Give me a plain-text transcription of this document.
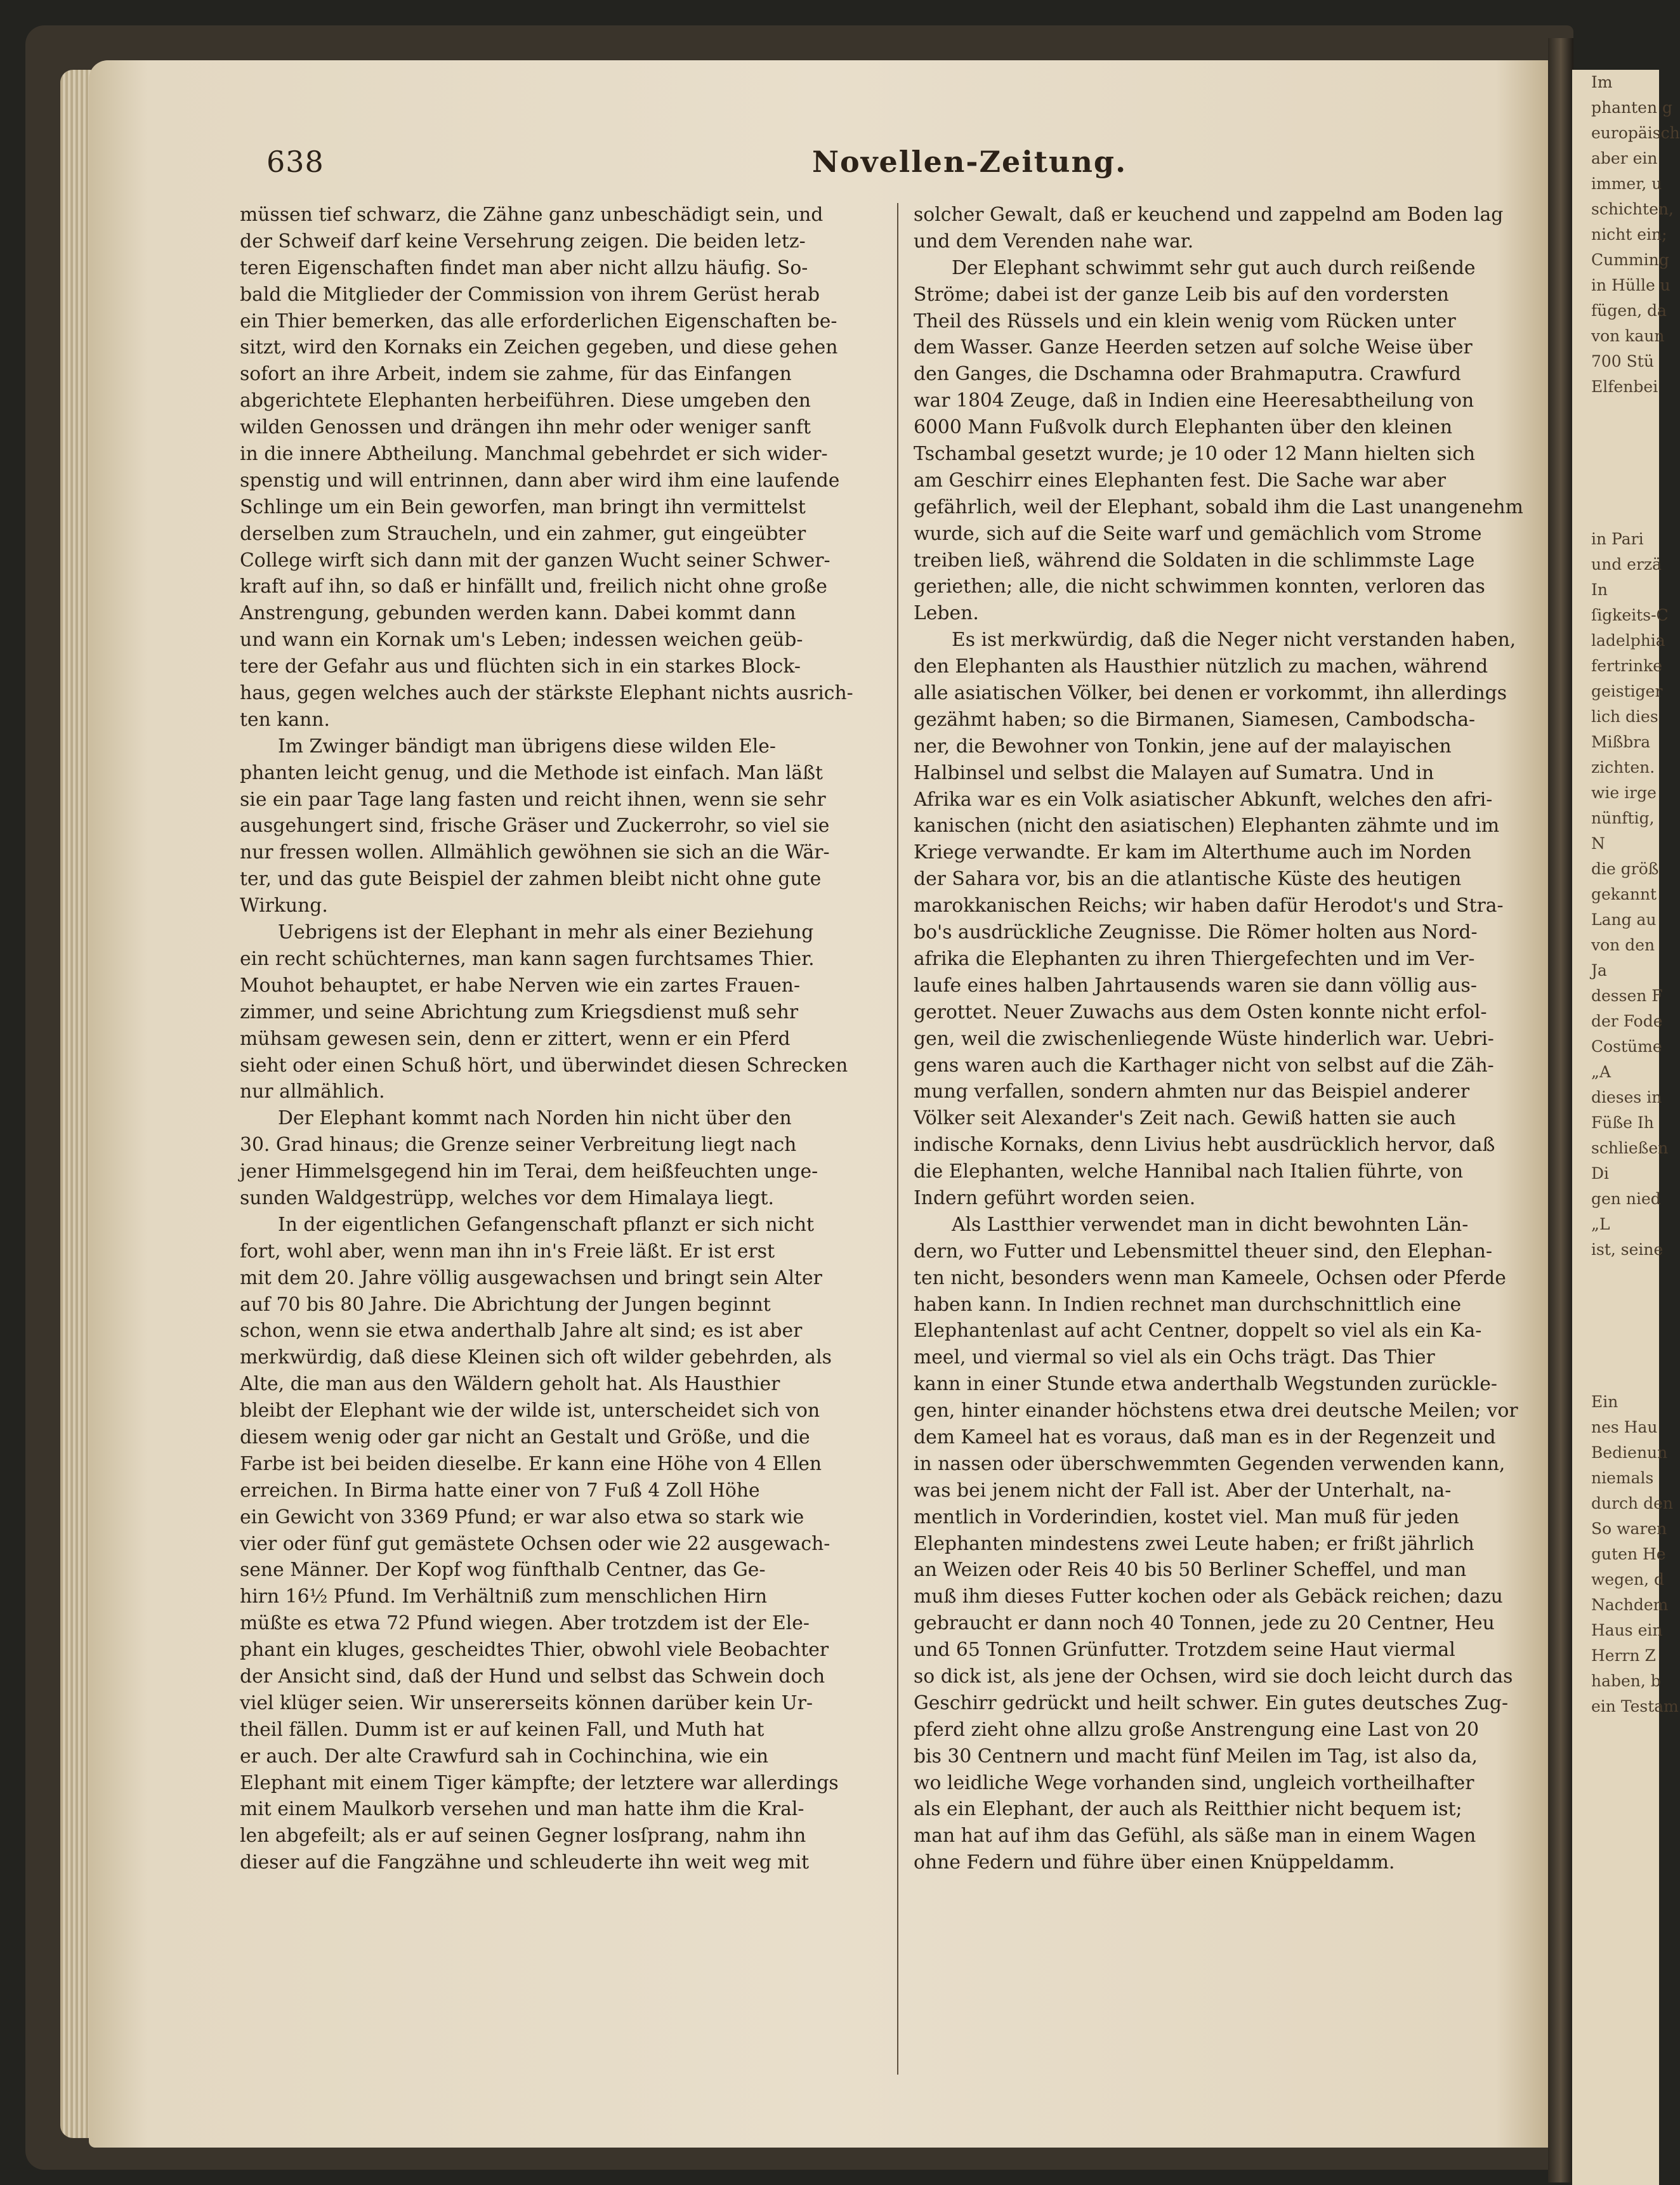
Im
phanten g
europäisch
aber ein
immer, u
schichten,
nicht ein;
Cumming
in Hülle u
fügen, da
von kaun
700 Stü
Elfenbei
in Pari
und erzä
In
ſigkeits-C
ladelphia
fertrinke
geistiger
lich dies
Mißbra
zichten.
wie irge
nünftig,
N
die größ
gekannt
Lang au
von den
Ja
dessen F
der Fode
Costüme
„A
dieses in
Füße Ih
schließen
Di
gen nied
„L
ist, seine
Ein
nes Hau
Bedienun
niemals
durch den
So waren
guten He
wegen, d
Nachdem
Haus ein
Herrn Z
haben, b
ein Testam
638	Novellen-Zeitung.
müssen tief schwarz, die Zähne ganz unbeschädigt sein, und
der Schweif darf keine Versehrung zeigen. Die beiden letz-
teren Eigenschaften findet man aber nicht allzu häufig. So-
bald die Mitglieder der Commission von ihrem Gerüst herab
ein Thier bemerken, das alle erforderlichen Eigenschaften be-
sitzt, wird den Kornaks ein Zeichen gegeben, und diese gehen
sofort an ihre Arbeit, indem sie zahme, für das Einfangen
abgerichtete Elephanten herbeiführen. Diese umgeben den
wilden Genossen und drängen ihn mehr oder weniger sanft
in die innere Abtheilung. Manchmal gebehrdet er sich wider-
spenstig und will entrinnen, dann aber wird ihm eine laufende
Schlinge um ein Bein geworfen, man bringt ihn vermittelst
derselben zum Straucheln, und ein zahmer, gut eingeübter
College wirft sich dann mit der ganzen Wucht seiner Schwer-
kraft auf ihn, so daß er hinfällt und, freilich nicht ohne große
Anstrengung, gebunden werden kann. Dabei kommt dann
und wann ein Kornak um's Leben; indessen weichen geüb-
tere der Gefahr aus und flüchten sich in ein starkes Block-
haus, gegen welches auch der stärkste Elephant nichts ausrich-
ten kann.
Im Zwinger bändigt man übrigens diese wilden Ele-
phanten leicht genug, und die Methode ist einfach. Man läßt
sie ein paar Tage lang fasten und reicht ihnen, wenn sie sehr
ausgehungert sind, frische Gräser und Zuckerrohr, so viel sie
nur fressen wollen. Allmählich gewöhnen sie sich an die Wär-
ter, und das gute Beispiel der zahmen bleibt nicht ohne gute
Wirkung.
Uebrigens ist der Elephant in mehr als einer Beziehung
ein recht schüchternes, man kann sagen furchtsames Thier.
Mouhot behauptet, er habe Nerven wie ein zartes Frauen-
zimmer, und seine Abrichtung zum Kriegsdienst muß sehr
mühsam gewesen sein, denn er zittert, wenn er ein Pferd
sieht oder einen Schuß hört, und überwindet diesen Schrecken
nur allmählich.
Der Elephant kommt nach Norden hin nicht über den
30. Grad hinaus; die Grenze seiner Verbreitung liegt nach
jener Himmelsgegend hin im Terai, dem heißfeuchten unge-
sunden Waldgestrüpp, welches vor dem Himalaya liegt.
In der eigentlichen Gefangenschaft pflanzt er sich nicht
fort, wohl aber, wenn man ihn in's Freie läßt. Er ist erst
mit dem 20. Jahre völlig ausgewachsen und bringt sein Alter
auf 70 bis 80 Jahre. Die Abrichtung der Jungen beginnt
schon, wenn sie etwa anderthalb Jahre alt sind; es ist aber
merkwürdig, daß diese Kleinen sich oft wilder gebehrden, als
Alte, die man aus den Wäldern geholt hat. Als Hausthier
bleibt der Elephant wie der wilde ist, unterscheidet sich von
diesem wenig oder gar nicht an Gestalt und Größe, und die
Farbe ist bei beiden dieselbe. Er kann eine Höhe von 4 Ellen
erreichen. In Birma hatte einer von 7 Fuß 4 Zoll Höhe
ein Gewicht von 3369 Pfund; er war also etwa so stark wie
vier oder fünf gut gemästete Ochsen oder wie 22 ausgewach-
sene Männer. Der Kopf wog fünfthalb Centner, das Ge-
hirn 16½ Pfund. Im Verhältniß zum menschlichen Hirn
müßte es etwa 72 Pfund wiegen. Aber trotzdem ist der Ele-
phant ein kluges, gescheidtes Thier, obwohl viele Beobachter
der Ansicht sind, daß der Hund und selbst das Schwein doch
viel klüger seien. Wir unsererseits können darüber kein Ur-
theil fällen. Dumm ist er auf keinen Fall, und Muth hat
er auch. Der alte Crawfurd sah in Cochinchina, wie ein
Elephant mit einem Tiger kämpfte; der letztere war allerdings
mit einem Maulkorb versehen und man hatte ihm die Kral-
len abgefeilt; als er auf seinen Gegner losſprang, nahm ihn
dieser auf die Fangzähne und schleuderte ihn weit weg mit
solcher Gewalt, daß er keuchend und zappelnd am Boden lag
und dem Verenden nahe war.
Der Elephant schwimmt sehr gut auch durch reißende
Ströme; dabei ist der ganze Leib bis auf den vordersten
Theil des Rüssels und ein klein wenig vom Rücken unter
dem Wasser. Ganze Heerden setzen auf solche Weise über
den Ganges, die Dschamna oder Brahmaputra. Crawfurd
war 1804 Zeuge, daß in Indien eine Heeresabtheilung von
6000 Mann Fußvolk durch Elephanten über den kleinen
Tschambal gesetzt wurde; je 10 oder 12 Mann hielten sich
am Geschirr eines Elephanten fest. Die Sache war aber
gefährlich, weil der Elephant, sobald ihm die Last unangenehm
wurde, sich auf die Seite warf und gemächlich vom Strome
treiben ließ, während die Soldaten in die schlimmste Lage
geriethen; alle, die nicht schwimmen konnten, verloren das
Leben.
Es ist merkwürdig, daß die Neger nicht verstanden haben,
den Elephanten als Hausthier nützlich zu machen, während
alle asiatischen Völker, bei denen er vorkommt, ihn allerdings
gezähmt haben; so die Birmanen, Siamesen, Cambodscha-
ner, die Bewohner von Tonkin, jene auf der malayischen
Halbinsel und selbst die Malayen auf Sumatra. Und in
Afrika war es ein Volk asiatischer Abkunft, welches den afri-
kanischen (nicht den asiatischen) Elephanten zähmte und im
Kriege verwandte. Er kam im Alterthume auch im Norden
der Sahara vor, bis an die atlantische Küste des heutigen
marokkanischen Reichs; wir haben dafür Herodot's und Stra-
bo's ausdrückliche Zeugnisse. Die Römer holten aus Nord-
afrika die Elephanten zu ihren Thiergefechten und im Ver-
laufe eines halben Jahrtausends waren sie dann völlig aus-
gerottet. Neuer Zuwachs aus dem Osten konnte nicht erfol-
gen, weil die zwischenliegende Wüste hinderlich war. Uebri-
gens waren auch die Karthager nicht von selbst auf die Zäh-
mung verfallen, sondern ahmten nur das Beispiel anderer
Völker seit Alexander's Zeit nach. Gewiß hatten sie auch
indische Kornaks, denn Livius hebt ausdrücklich hervor, daß
die Elephanten, welche Hannibal nach Italien führte, von
Indern geführt worden seien.
Als Lastthier verwendet man in dicht bewohnten Län-
dern, wo Futter und Lebensmittel theuer sind, den Elephan-
ten nicht, besonders wenn man Kameele, Ochsen oder Pferde
haben kann. In Indien rechnet man durchschnittlich eine
Elephantenlast auf acht Centner, doppelt so viel als ein Ka-
meel, und viermal so viel als ein Ochs trägt. Das Thier
kann in einer Stunde etwa anderthalb Wegstunden zurückle-
gen, hinter einander höchstens etwa drei deutsche Meilen; vor
dem Kameel hat es voraus, daß man es in der Regenzeit und
in nassen oder überschwemmten Gegenden verwenden kann,
was bei jenem nicht der Fall ist. Aber der Unterhalt, na-
mentlich in Vorderindien, kostet viel. Man muß für jeden
Elephanten mindestens zwei Leute haben; er frißt jährlich
an Weizen oder Reis 40 bis 50 Berliner Scheffel, und man
muß ihm dieses Futter kochen oder als Gebäck reichen; dazu
gebraucht er dann noch 40 Tonnen, jede zu 20 Centner, Heu
und 65 Tonnen Grünfutter. Trotzdem seine Haut viermal
so dick ist, als jene der Ochsen, wird sie doch leicht durch das
Geschirr gedrückt und heilt schwer. Ein gutes deutsches Zug-
pferd zieht ohne allzu große Anstrengung eine Last von 20
bis 30 Centnern und macht fünf Meilen im Tag, ist also da,
wo leidliche Wege vorhanden sind, ungleich vortheilhafter
als ein Elephant, der auch als Reitthier nicht bequem ist;
man hat auf ihm das Gefühl, als säße man in einem Wagen
ohne Federn und führe über einen Knüppeldamm.
